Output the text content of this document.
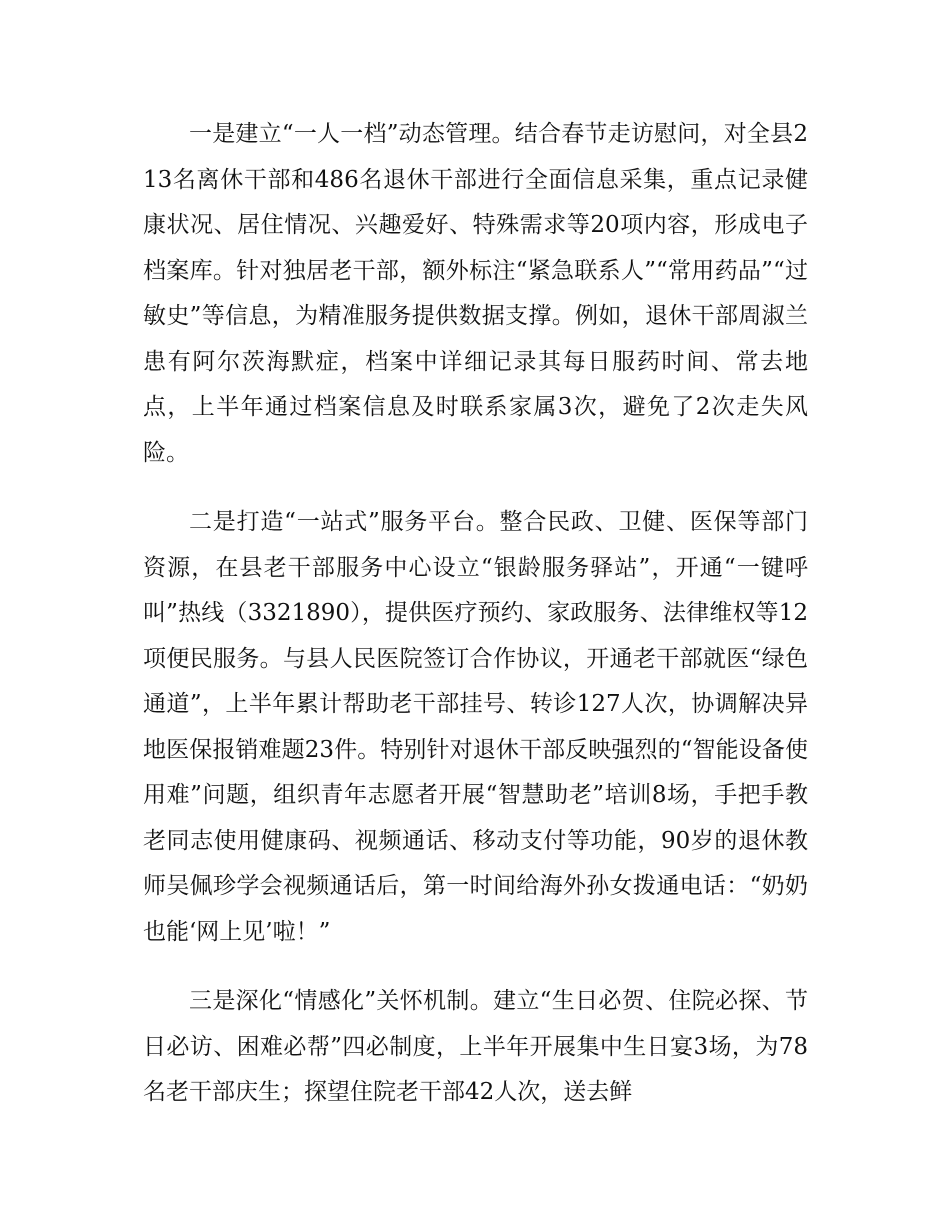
一是建立“一人一档”动态管理。结合春节走访慰问，对全县213名离休干部和486名退休干部进行全面信息采集，重点记录健康状况、居住情况、兴趣爱好、特殊需求等20项内容，形成电子档案库。针对独居老干部，额外标注“紧急联系人”“常用药品”“过敏史”等信息，为精准服务提供数据支撑。例如，退休干部周淑兰患有阿尔茨海默症，档案中详细记录其每日服药时间、常去地点，上半年通过档案信息及时联系家属3次，避免了2次走失风险。

二是打造“一站式”服务平台。整合民政、卫健、医保等部门资源，在县老干部服务中心设立“银龄服务驿站”，开通“一键呼叫”热线（3321890），提供医疗预约、家政服务、法律维权等12项便民服务。与县人民医院签订合作协议，开通老干部就医“绿色通道”，上半年累计帮助老干部挂号、转诊127人次，协调解决异地医保报销难题23件。特别针对退休干部反映强烈的“智能设备使用难”问题，组织青年志愿者开展“智慧助老”培训8场，手把手教老同志使用健康码、视频通话、移动支付等功能，90岁的退休教师吴佩珍学会视频通话后，第一时间给海外孙女拨通电话：“奶奶也能‘网上见’啦！”

三是深化“情感化”关怀机制。建立“生日必贺、住院必探、节日必访、困难必帮”四必制度，上半年开展集中生日宴3场，为78名老干部庆生；探望住院老干部42人次，送去鲜
